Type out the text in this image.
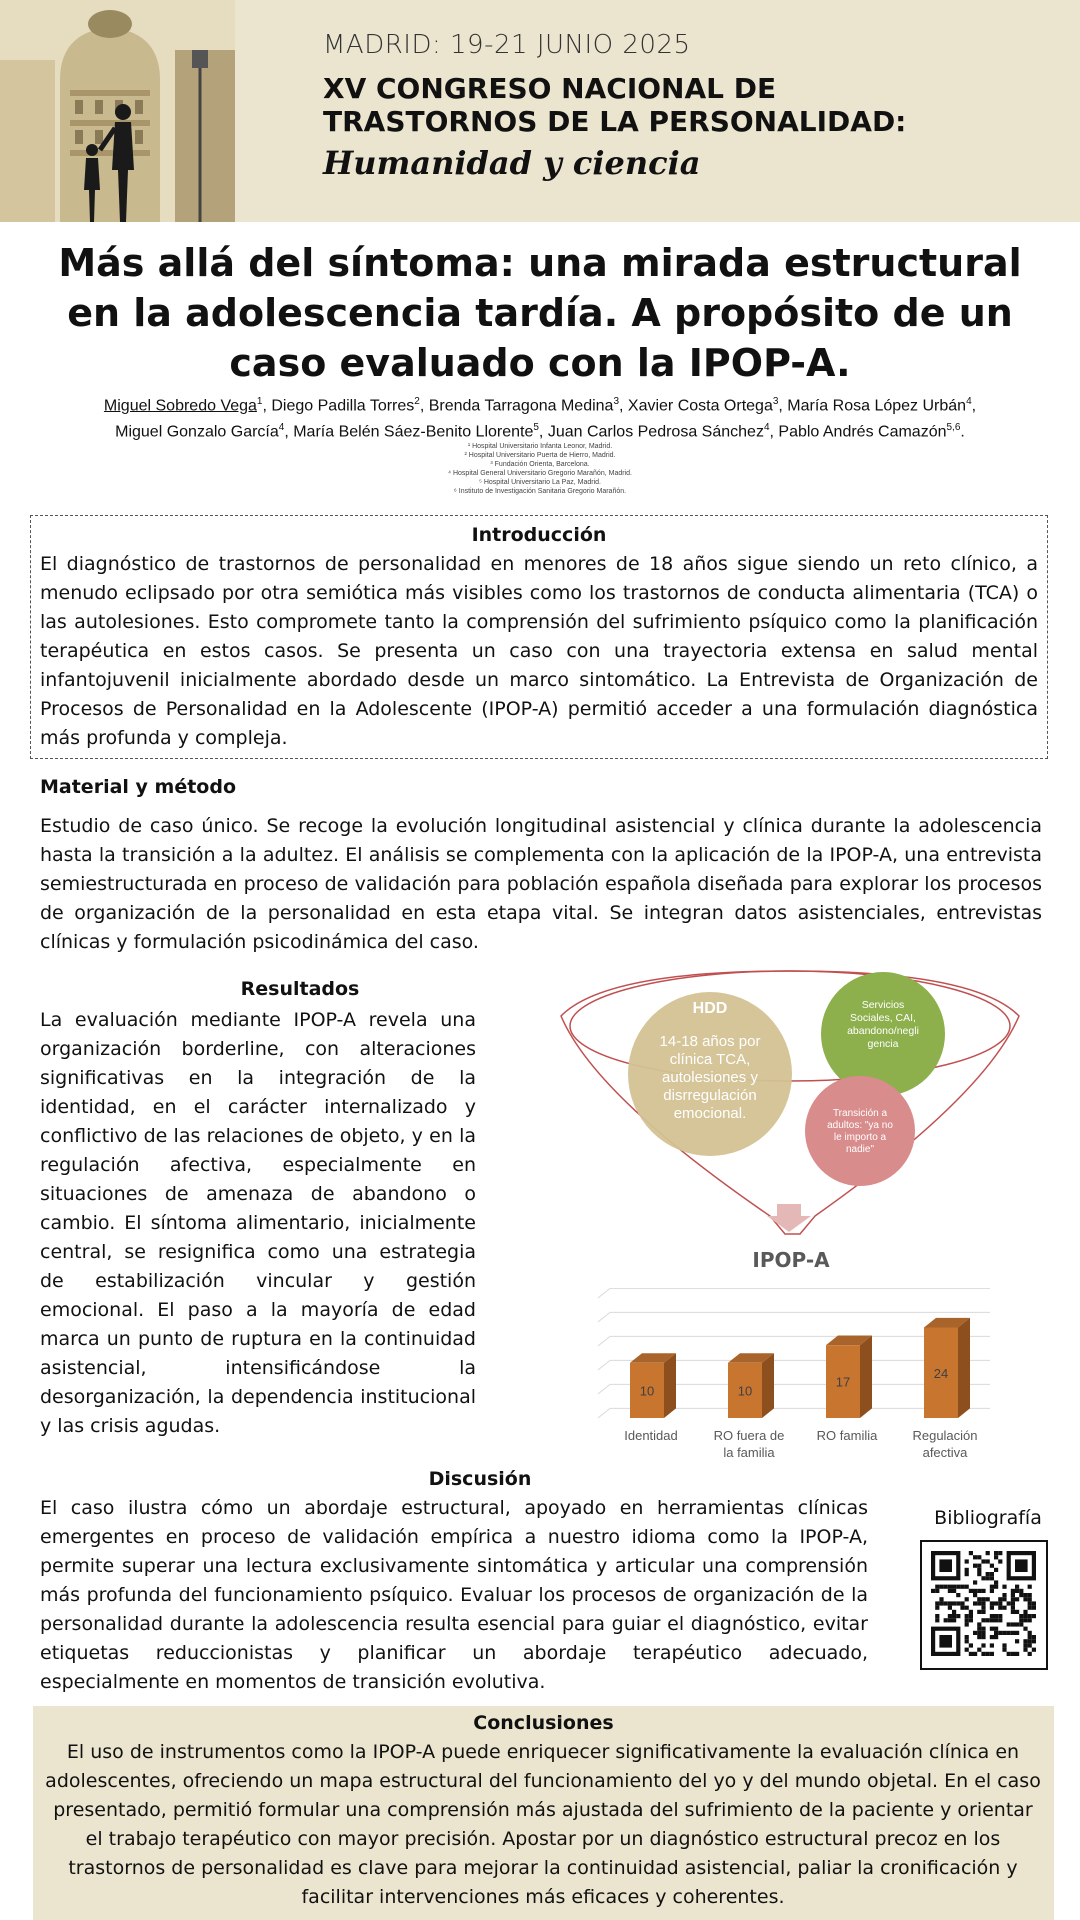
MADRID: 19-21 JUNIO 2025
XV CONGRESO NACIONAL DE
TRASTORNOS DE LA PERSONALIDAD:
Humanidad y ciencia
Más allá del síntoma: una mirada estructural en la adolescencia tardía. A propósito de un caso evaluado con la IPOP-A.
Miguel Sobredo Vega$^1$, Diego Padilla Torres$^2$, Brenda Tarragona Medina$^3$, Xavier Costa Ortega$^3$, María Rosa López Urbán$^4$,
Miguel Gonzalo García$^4$, María Belén Sáez-Benito Llorente$^5$, Juan Carlos Pedrosa Sánchez$^4$, Pablo Andrés Camazón$^{5,6}$.
¹ Hospital Universitario Infanta Leonor, Madrid.
² Hospital Universitario Puerta de Hierro, Madrid.
³ Fundación Orienta, Barcelona.
⁴ Hospital General Universitario Gregorio Marañón, Madrid.
⁵ Hospital Universitario La Paz, Madrid.
⁶ Instituto de Investigación Sanitaria Gregorio Marañón.
Introducción
El diagnóstico de trastornos de personalidad en menores de 18 años sigue siendo un reto clínico, a menudo eclipsado por otra semiótica más visibles como los trastornos de conducta alimentaria (TCA) o las autolesiones. Esto compromete tanto la comprensión del sufrimiento psíquico como la planificación terapéutica en estos casos. Se presenta un caso con una trayectoria extensa en salud mental infantojuvenil inicialmente abordado desde un marco sintomático. La Entrevista de Organización de Procesos de Personalidad en la Adolescente (IPOP-A) permitió acceder a una formulación diagnóstica más profunda y compleja.
Material y método
Estudio de caso único. Se recoge la evolución longitudinal asistencial y clínica durante la adolescencia hasta la transición a la adultez. El análisis se complementa con la aplicación de la IPOP-A, una entrevista semiestructurada en proceso de validación para población española diseñada para explorar los procesos de organización de la personalidad en esta etapa vital. Se integran datos asistenciales, entrevistas clínicas y formulación psicodinámica del caso.
Resultados
La evaluación mediante IPOP-A revela una organización borderline, con alteraciones significativas en la integración de la identidad, en el carácter internalizado y conflictivo de las relaciones de objeto, y en la regulación afectiva, especialmente en situaciones de amenaza de abandono o cambio. El síntoma alimentario, inicialmente central, se resignifica como una estrategia de estabilización vincular y gestión emocional. El paso a la mayoría de edad marca un punto de ruptura en la continuidad asistencial, intensificándose la desorganización, la dependencia institucional y las crisis agudas.
HDD
14-18 años por
clínica TCA,
autolesiones y
disrregulación
emocional.
Servicios
Sociales, CAI,
abandono/negli
gencia
Transición a
adultos: "ya no
le importo a
nadie"
IPOP-A
10
Identidad
10
RO fuera de
la familia
17
RO familia
24
Regulación
afectiva
Discusión
El caso ilustra cómo un abordaje estructural, apoyado en herramientas clínicas emergentes en proceso de validación empírica a nuestro idioma como la IPOP-A, permite superar una lectura exclusivamente sintomática y articular una comprensión más profunda del funcionamiento psíquico. Evaluar los procesos de organización de la personalidad durante la adolescencia resulta esencial para guiar el diagnóstico, evitar etiquetas reduccionistas y planificar un abordaje terapéutico adecuado, especialmente en momentos de transición evolutiva.
Bibliografía
Conclusiones
El uso de instrumentos como la IPOP-A puede enriquecer significativamente la evaluación clínica en adolescentes, ofreciendo un mapa estructural del funcionamiento del yo y del mundo objetal. En el caso presentado, permitió formular una comprensión más ajustada del sufrimiento de la paciente y orientar el trabajo terapéutico con mayor precisión. Apostar por un diagnóstico estructural precoz en los trastornos de personalidad es clave para mejorar la continuidad asistencial, paliar la cronificación y facilitar intervenciones más eficaces y coherentes.
